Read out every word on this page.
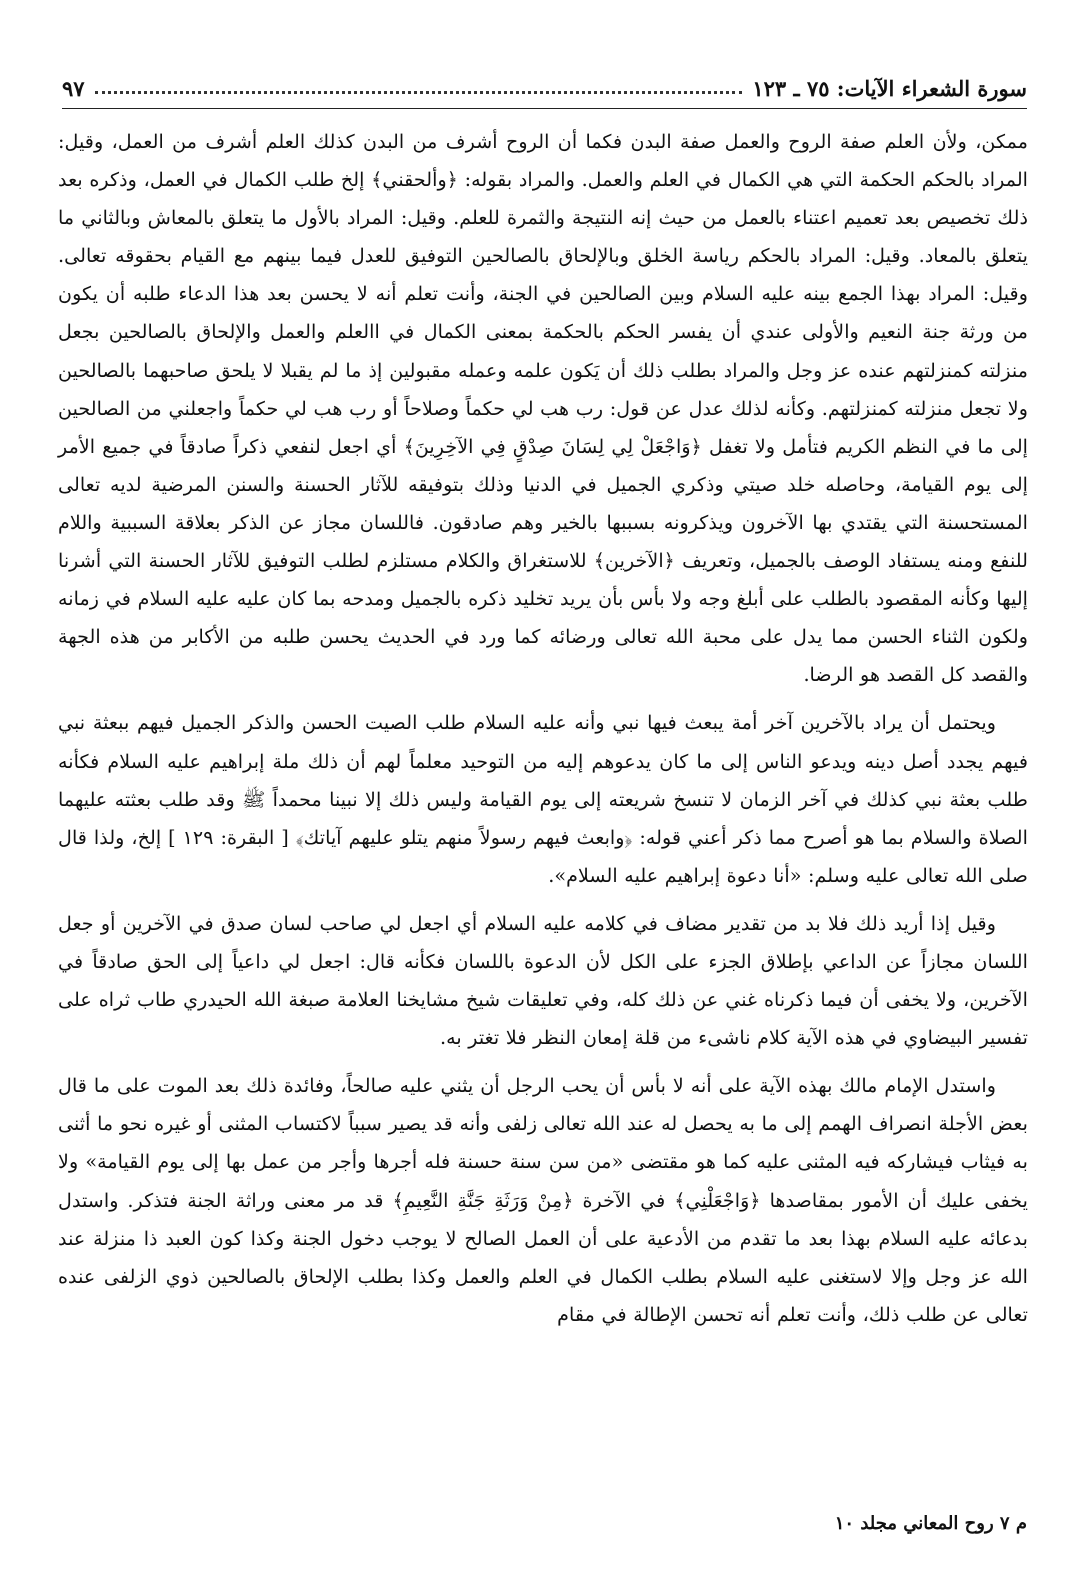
سورة الشعراء الآيات: ٧٥ ـ ١٢٣
٩٧

ممكن، ولأن العلم صفة الروح والعمل صفة البدن فكما أن الروح أشرف من البدن كذلك العلم أشرف من العمل، وقيل: المراد بالحكم الحكمة التي هي الكمال في العلم والعمل. والمراد بقوله: ﴿وألحقني﴾ إلخ طلب الكمال في العمل، وذكره بعد ذلك تخصيص بعد تعميم اعتناء بالعمل من حيث إنه النتيجة والثمرة للعلم. وقيل: المراد بالأول ما يتعلق بالمعاش وبالثاني ما يتعلق بالمعاد. وقيل: المراد بالحكم رياسة الخلق وبالإلحاق بالصالحين التوفيق للعدل فيما بينهم مع القيام بحقوقه تعالى. وقيل: المراد بهذا الجمع بينه عليه السلام وبين الصالحين في الجنة، وأنت تعلم أنه لا يحسن بعد هذا الدعاء طلبه أن يكون من ورثة جنة النعيم والأولى عندي أن يفسر الحكم بالحكمة بمعنى الكمال في االعلم والعمل والإلحاق بالصالحين بجعل منزلته كمنزلتهم عنده عز وجل والمراد بطلب ذلك أن يَكون علمه وعمله مقبولين إذ ما لم يقبلا لا يلحق صاحبهما بالصالحين ولا تجعل منزلته كمنزلتهم. وكأنه لذلك عدل عن قول: رب هب لي حكماً وصلاحاً أو رب هب لي حكماً واجعلني من الصالحين إلى ما في النظم الكريم فتأمل ولا تغفل ﴿وَاجْعَلْ لِي لِسَانَ صِدْقٍ فِي الآخِرِينَ﴾ أي اجعل لنفعي ذكراً صادقاً في جميع الأمر إلى يوم القيامة، وحاصله خلد صيتي وذكري الجميل في الدنيا وذلك بتوفيقه للآثار الحسنة والسنن المرضية لديه تعالى المستحسنة التي يقتدي بها الآخرون ويذكرونه بسببها بالخير وهم صادقون. فاللسان مجاز عن الذكر بعلاقة السببية واللام للنفع ومنه يستفاد الوصف بالجميل، وتعريف ﴿الآخرين﴾ للاستغراق والكلام مستلزم لطلب التوفيق للآثار الحسنة التي أشرنا إليها وكأنه المقصود بالطلب على أبلغ وجه ولا بأس بأن يريد تخليد ذكره بالجميل ومدحه بما كان عليه عليه السلام في زمانه ولكون الثناء الحسن مما يدل على محبة الله تعالى ورضائه كما ورد في الحديث يحسن طلبه من الأكابر من هذه الجهة والقصد كل القصد هو الرضا.

ويحتمل أن يراد بالآخرين آخر أمة يبعث فيها نبي وأنه عليه السلام طلب الصيت الحسن والذكر الجميل فيهم ببعثة نبي فيهم يجدد أصل دينه ويدعو الناس إلى ما كان يدعوهم إليه من التوحيد معلماً لهم أن ذلك ملة إبراهيم عليه السلام فكأنه طلب بعثة نبي كذلك في آخر الزمان لا تنسخ شريعته إلى يوم القيامة وليس ذلك إلا نبينا محمداً ﷺ وقد طلب بعثته عليهما الصلاة والسلام بما هو أصرح مما ذكر أعني قوله: ﴿وابعث فيهم رسولاً منهم يتلو عليهم آياتك﴾ [ البقرة: ١٢٩ ] إلخ، ولذا قال صلى الله تعالى عليه وسلم: «أنا دعوة إبراهيم عليه السلام».

وقيل إذا أريد ذلك فلا بد من تقدير مضاف في كلامه عليه السلام أي اجعل لي صاحب لسان صدق في الآخرين أو جعل اللسان مجازاً عن الداعي بإطلاق الجزء على الكل لأن الدعوة باللسان فكأنه قال: اجعل لي داعياً إلى الحق صادقاً في الآخرين، ولا يخفى أن فيما ذكرناه غني عن ذلك كله، وفي تعليقات شيخ مشايخنا العلامة صبغة الله الحيدري طاب ثراه على تفسير البيضاوي في هذه الآية كلام ناشىء من قلة إمعان النظر فلا تغتر به.

واستدل الإمام مالك بهذه الآية على أنه لا بأس أن يحب الرجل أن يثني عليه صالحاً، وفائدة ذلك بعد الموت على ما قال بعض الأجلة انصراف الهمم إلى ما به يحصل له عند الله تعالى زلفى وأنه قد يصير سبباً لاكتساب المثنى أو غيره نحو ما أثنى به فيثاب فيشاركه فيه المثنى عليه كما هو مقتضى «من سن سنة حسنة فله أجرها وأجر من عمل بها إلى يوم القيامة» ولا يخفى عليك أن الأمور بمقاصدها ﴿وَاجْعَلْنِي﴾ في الآخرة ﴿مِنْ وَرَثَةِ جَنَّةِ النَّعِيمِ﴾ قد مر معنى وراثة الجنة فتذكر. واستدل بدعائه عليه السلام بهذا بعد ما تقدم من الأدعية على أن العمل الصالح لا يوجب دخول الجنة وكذا كون العبد ذا منزلة عند الله عز وجل وإلا لاستغنى عليه السلام بطلب الكمال في العلم والعمل وكذا بطلب الإلحاق بالصالحين ذوي الزلفى عنده تعالى عن طلب ذلك، وأنت تعلم أنه تحسن الإطالة في مقام

م ٧ روح المعاني مجلد ١٠
